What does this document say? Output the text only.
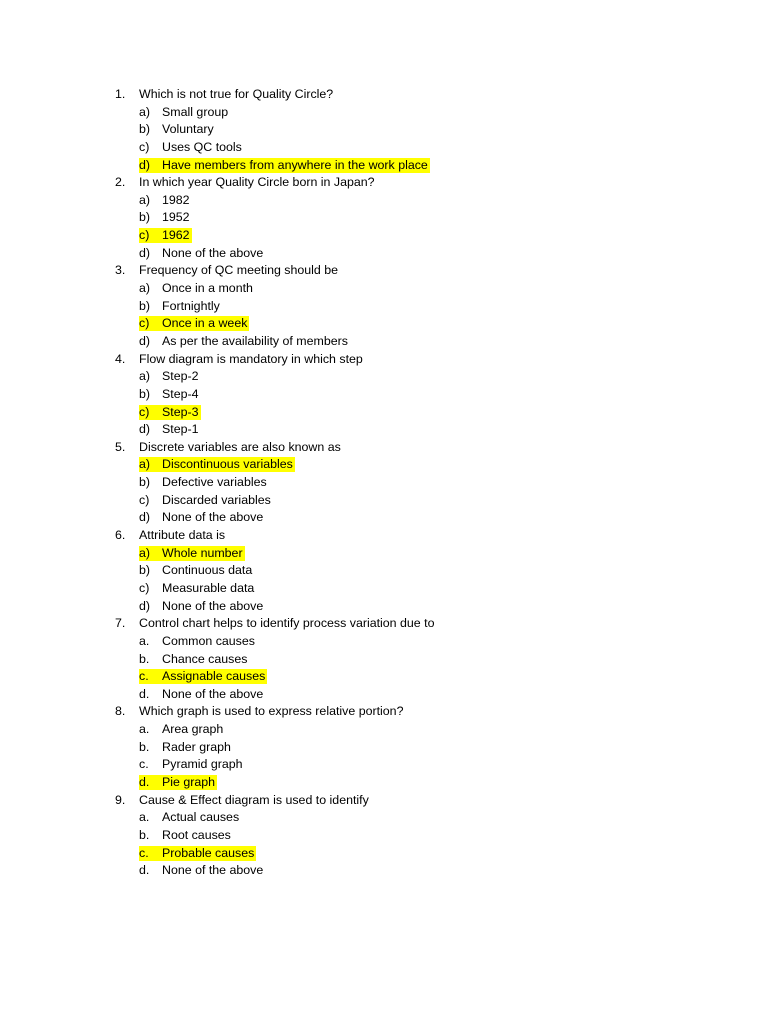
1. Which is not true for Quality Circle?
a) Small group
b) Voluntary
c) Uses QC tools
d) Have members from anywhere in the work place
2. In which year Quality Circle born in Japan?
a) 1982
b) 1952
c) 1962
d) None of the above
3. Frequency of QC meeting should be
a) Once in a month
b) Fortnightly
c) Once in a week
d) As per the availability of members
4. Flow diagram is mandatory in which step
a) Step-2
b) Step-4
c) Step-3
d) Step-1
5. Discrete variables are also known as
a) Discontinuous variables
b) Defective variables
c) Discarded variables
d) None of the above
6. Attribute data is
a) Whole number
b) Continuous data
c) Measurable data
d) None of the above
7. Control chart helps to identify process variation due to
a. Common causes
b. Chance causes
c. Assignable causes
d. None of the above
8. Which graph is used to express relative portion?
a. Area graph
b. Rader graph
c. Pyramid graph
d. Pie graph
9. Cause & Effect diagram is used to identify
a. Actual causes
b. Root causes
c. Probable causes
d. None of the above
